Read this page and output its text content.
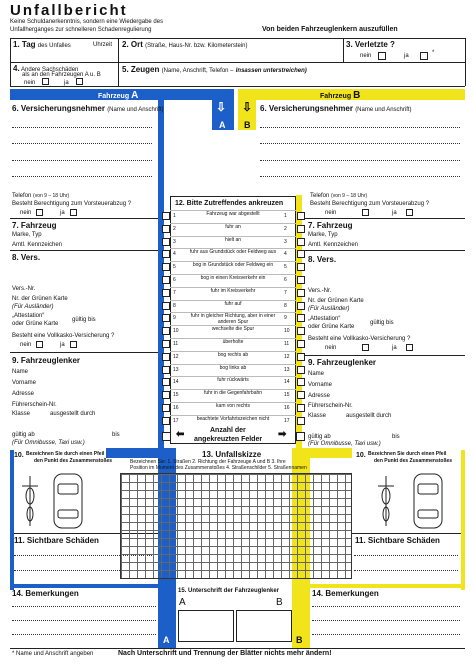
Unfallbericht
Keine Schuldanerkenntnis, sondern eine Wiedergabe des
Unfallherganges zur schnelleren Schadenregulierung	Von beiden Fahrzeuglenkern auszufüllen
1. Tag des Unfalles	Uhrzeit 2. Ort (Straße, Haus-Nr. bzw. Kilometerstein)	3. Verletzte ?
nein	ja	*
4. Andere Sachschäden
als an den Fahrzeugen A u. B
nein	ja
5. Zeugen (Name, Anschrift, Telefon – Insassen unterstreichen)
Fahrzeug A	Fahrzeug B
⇩
A
⇩
B
6. Versicherungsnehmer (Name und Anschrift)
Telefon (von 9 – 18 Uhr)
Besteht Berechtigung zum Vorsteuerabzug ?
nein	ja
7. Fahrzeug
Marke, Typ
Amtl. Kennzeichen
8. Vers.
Vers.-Nr.
Nr. der Grünen Karte
(Für Ausländer)
„Attestation“
oder Grüne Karte
gültig bis
Besteht eine Vollkasko-Versicherung ?
nein	ja
9. Fahrzeuglenker
Name
Vorname
Adresse
Führerschein-Nr.
Klasse	ausgestellt durch
gültig ab	bis
(Für Omnibusse, Taxi usw.)
10. Bezeichnen Sie durch einen Pfeil
den Punkt des Zusammenstoßes
11. Sichtbare Schäden
14. Bemerkungen
A
6. Versicherungsnehmer (Name und Anschrift)
Telefon (von 9 – 18 Uhr)
Besteht Berechtigung zum Vorsteuerabzug ?
nein	ja
7. Fahrzeug
Marke, Typ
Amtl. Kennzeichen
8. Vers.
Vers.-Nr.
Nr. der Grünen Karte
(Für Ausländer)
„Attestation“
oder Grüne Karte
gültig bis
Besteht eine Vollkasko-Versicherung ?
nein	ja
9. Fahrzeuglenker
Name
Vorname
Adresse
Führerschein-Nr.
Klasse	ausgestellt durch
gültig ab	bis
(Für Omnibusse, Taxi usw.)
10. Bezeichnen Sie durch einen Pfeil
den Punkt des Zusammenstoßes
11. Sichtbare Schäden
14. Bemerkungen
B
12. Bitte Zutreffendes ankreuzen
Fahrzeug war abgestellt
1	1
fuhr an
2	2
hielt an
3	3
fuhr aus Grundstück oder Feldweg aus
4	4
bog in Grundstück oder Feldweg ein
5	5
bog in einen Kreisverkehr ein
6	6
fuhr im Kreisverkehr
7	7
fuhr auf
8	8
fuhr in gleicher Richtung, aber in einer anderen Spur
9	9
wechselte die Spur
10	10
überholte
11	11
bog rechts ab
12	12
bog links ab
13	13
fuhr rückwärts
14	14
fuhr in die Gegenfahrbahn
15	15
kam von rechts
16	16
beachtete Vorfahrtszeichen nicht
17	17
⬅	➡
Anzahl der
angekreuzten Felder
13. Unfallskizze
Bezeichnen Sie: 1. Straßen 2. Richtung der Fahrzeuge A und B 3. Ihre
Position im Moment des Zusammenstoßes 4. Straßenschilder 5. Straßennamen
15. Unterschrift der Fahrzeuglenker
A	B
* Name und Anschrift angeben	Nach Unterschrift und Trennung der Blätter nichts mehr ändern!
